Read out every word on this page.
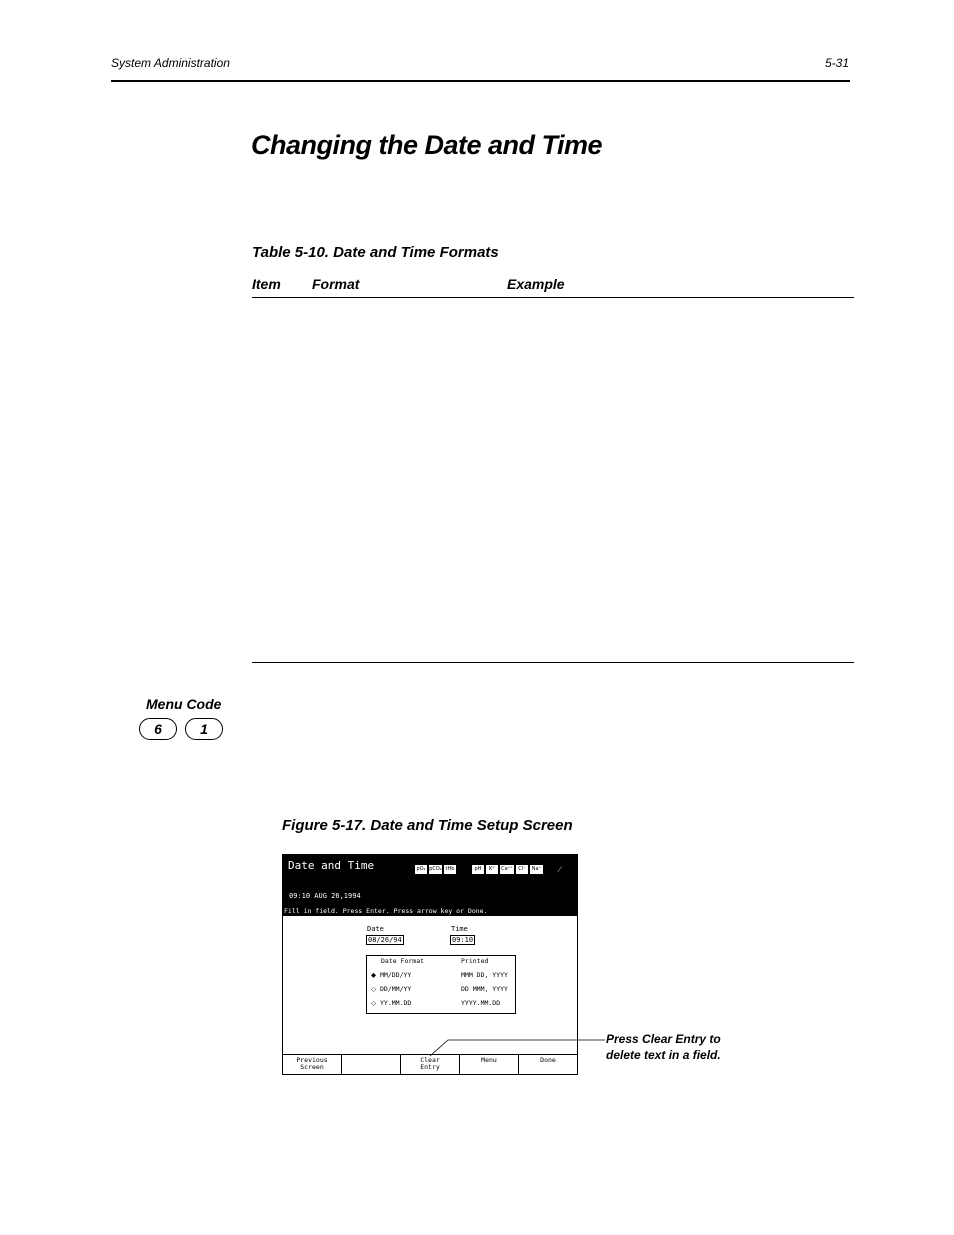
System Administration	5-31
Changing the Date and Time
Table 5-10. Date and Time Formats
Item Format	Example
Menu Code
6	1
Figure 5-17. Date and Time Setup Screen
Date and Time	pO₂ pCO₂ tHb	pH	K⁺	Ca⁺⁺	Cl⁻	Na⁺ ⁄
09:10 AUG 26,1994
Fill in field. Press Enter. Press arrow key or Done.
Date
08/26/94
Time
09:10
Date Format	Printed
◆ MM/DD/YY	MMM DD, YYYY
◇ DD/MM/YY	DD MMM, YYYY
◇ YY.MM.DD	YYYY.MM.DD
Previous
Screen
Clear
Entry
Menu	Done
Press Clear Entry to
delete text in a field.
